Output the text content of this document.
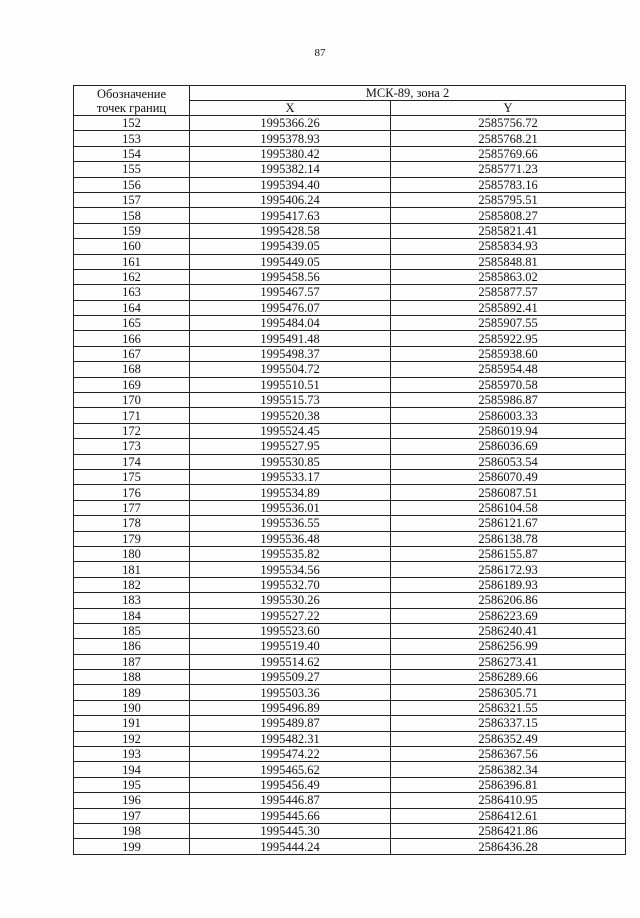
87
Обозначение
точек границ	МСК-89, зона 2	
	X	Y
152	1995366.26	2585756.72
153	1995378.93	2585768.21
154	1995380.42	2585769.66
155	1995382.14	2585771.23
156	1995394.40	2585783.16
157	1995406.24	2585795.51
158	1995417.63	2585808.27
159	1995428.58	2585821.41
160	1995439.05	2585834.93
161	1995449.05	2585848.81
162	1995458.56	2585863.02
163	1995467.57	2585877.57
164	1995476.07	2585892.41
165	1995484.04	2585907.55
166	1995491.48	2585922.95
167	1995498.37	2585938.60
168	1995504.72	2585954.48
169	1995510.51	2585970.58
170	1995515.73	2585986.87
171	1995520.38	2586003.33
172	1995524.45	2586019.94
173	1995527.95	2586036.69
174	1995530.85	2586053.54
175	1995533.17	2586070.49
176	1995534.89	2586087.51
177	1995536.01	2586104.58
178	1995536.55	2586121.67
179	1995536.48	2586138.78
180	1995535.82	2586155.87
181	1995534.56	2586172.93
182	1995532.70	2586189.93
183	1995530.26	2586206.86
184	1995527.22	2586223.69
185	1995523.60	2586240.41
186	1995519.40	2586256.99
187	1995514.62	2586273.41
188	1995509.27	2586289.66
189	1995503.36	2586305.71
190	1995496.89	2586321.55
191	1995489.87	2586337.15
192	1995482.31	2586352.49
193	1995474.22	2586367.56
194	1995465.62	2586382.34
195	1995456.49	2586396.81
196	1995446.87	2586410.95
197	1995445.66	2586412.61
198	1995445.30	2586421.86
199	1995444.24	2586436.28
